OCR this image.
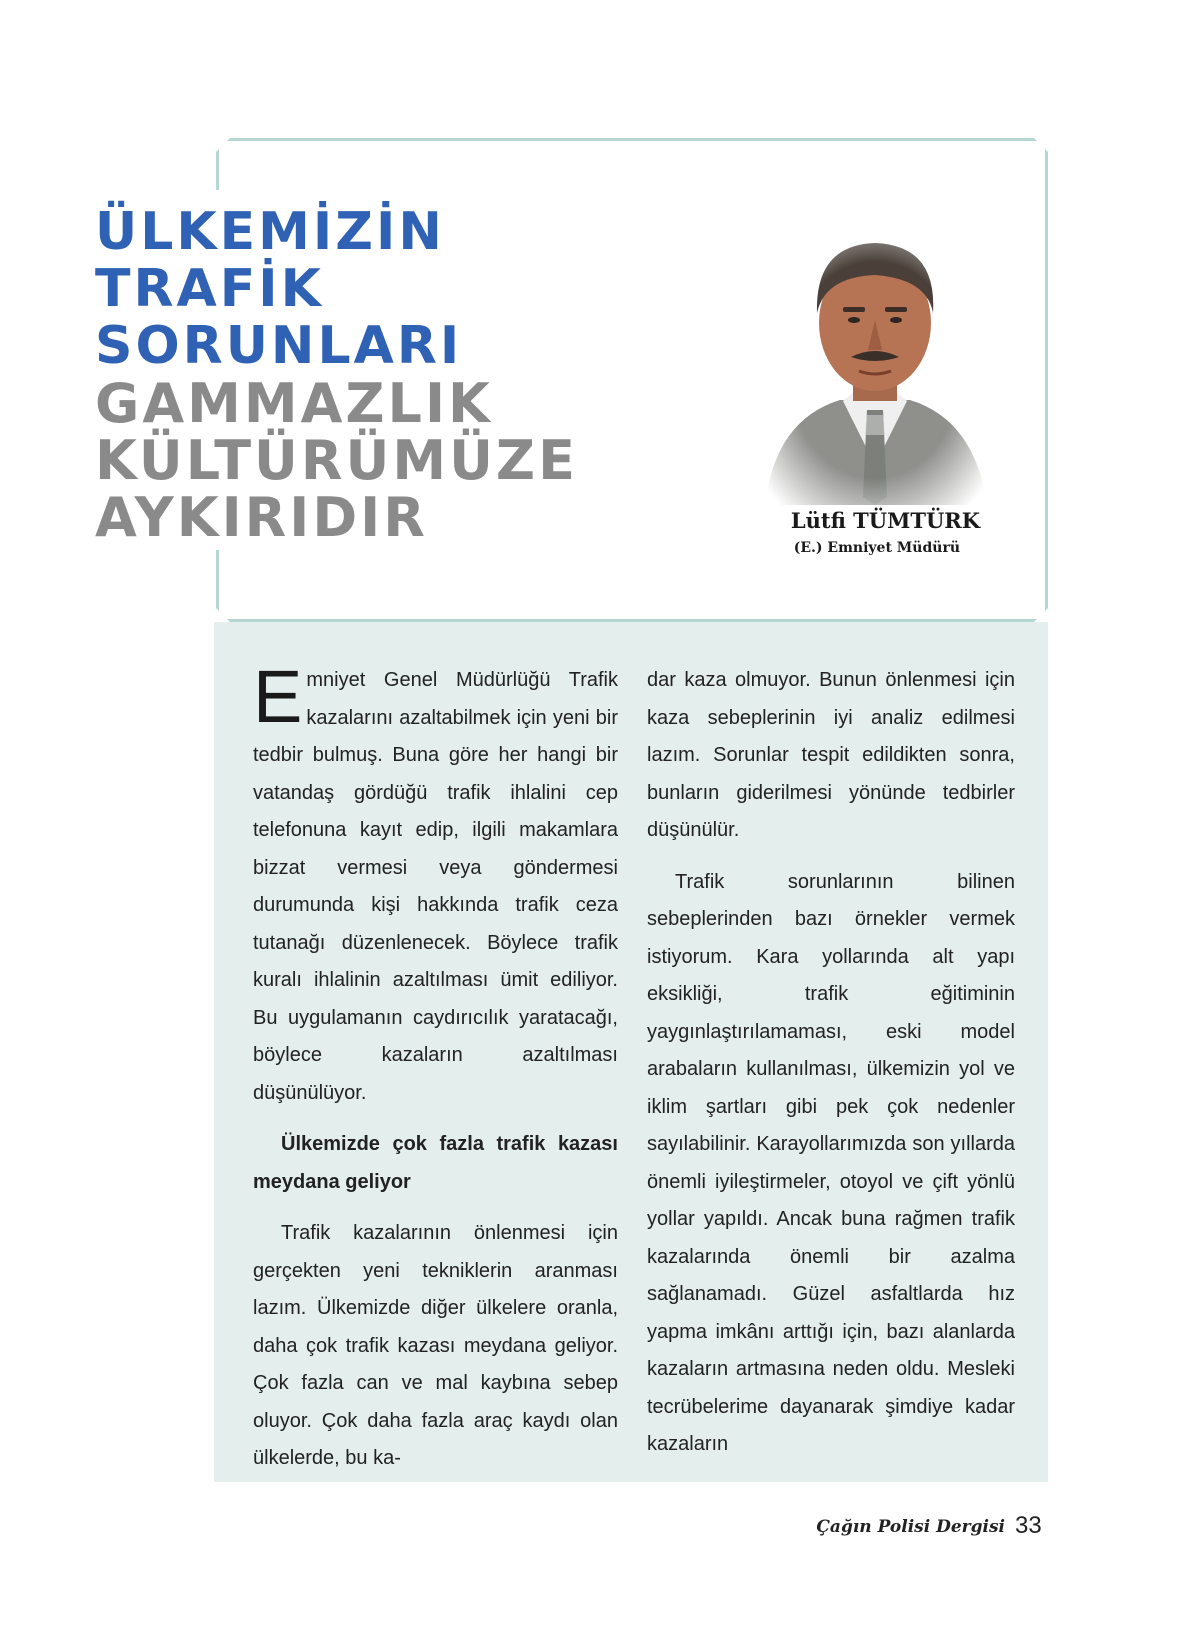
ÜLKEMİZİN
TRAFİK
SORUNLARI
GAMMAZLIK
KÜLTÜRÜMÜZE
AYKIRIDIR	Lütfi TÜMTÜRK
(E.) Emniyet Müdürü

Emniyet Genel Müdürlüğü Trafik kazalarını azaltabilmek için yeni bir tedbir bulmuş. Buna göre her hangi bir vatandaş gördüğü trafik ihlalini cep telefonuna kayıt edip, ilgili makamlara bizzat vermesi veya göndermesi durumunda kişi hakkında trafik ceza tutanağı düzenlenecek. Böylece trafik kuralı ihlalinin azaltılması ümit ediliyor. Bu uygulamanın caydırıcılık yaratacağı, böylece kazaların azaltılması düşünülüyor.

Ülkemizde çok fazla trafik kazası meydana geliyor

Trafik kazalarının önlenmesi için gerçekten yeni tekniklerin aranması lazım. Ülkemizde diğer ülkelere oranla, daha çok trafik kazası meydana geliyor. Çok fazla can ve mal kaybına sebep oluyor. Çok daha fazla araç kaydı olan ülkelerde, bu ka-

dar kaza olmuyor. Bunun önlenmesi için kaza sebeplerinin iyi analiz edilmesi lazım. Sorunlar tespit edildikten sonra, bunların giderilmesi yönünde tedbirler düşünülür.

Trafik sorunlarının bilinen sebeplerinden bazı örnekler vermek istiyorum. Kara yollarında alt yapı eksikliği, trafik eğitiminin yaygınlaştırılamaması, eski model arabaların kullanılması, ülkemizin yol ve iklim şartları gibi pek çok nedenler sayılabilinir. Karayollarımızda son yıllarda önemli iyileştirmeler, otoyol ve çift yönlü yollar yapıldı. Ancak buna rağmen trafik kazalarında önemli bir azalma sağlanamadı. Güzel asfaltlarda hız yapma imkânı arttığı için, bazı alanlarda kazaların artmasına neden oldu. Mesleki tecrübelerime dayanarak şimdiye kadar kazaların

Çağın Polisi Dergisi 33
